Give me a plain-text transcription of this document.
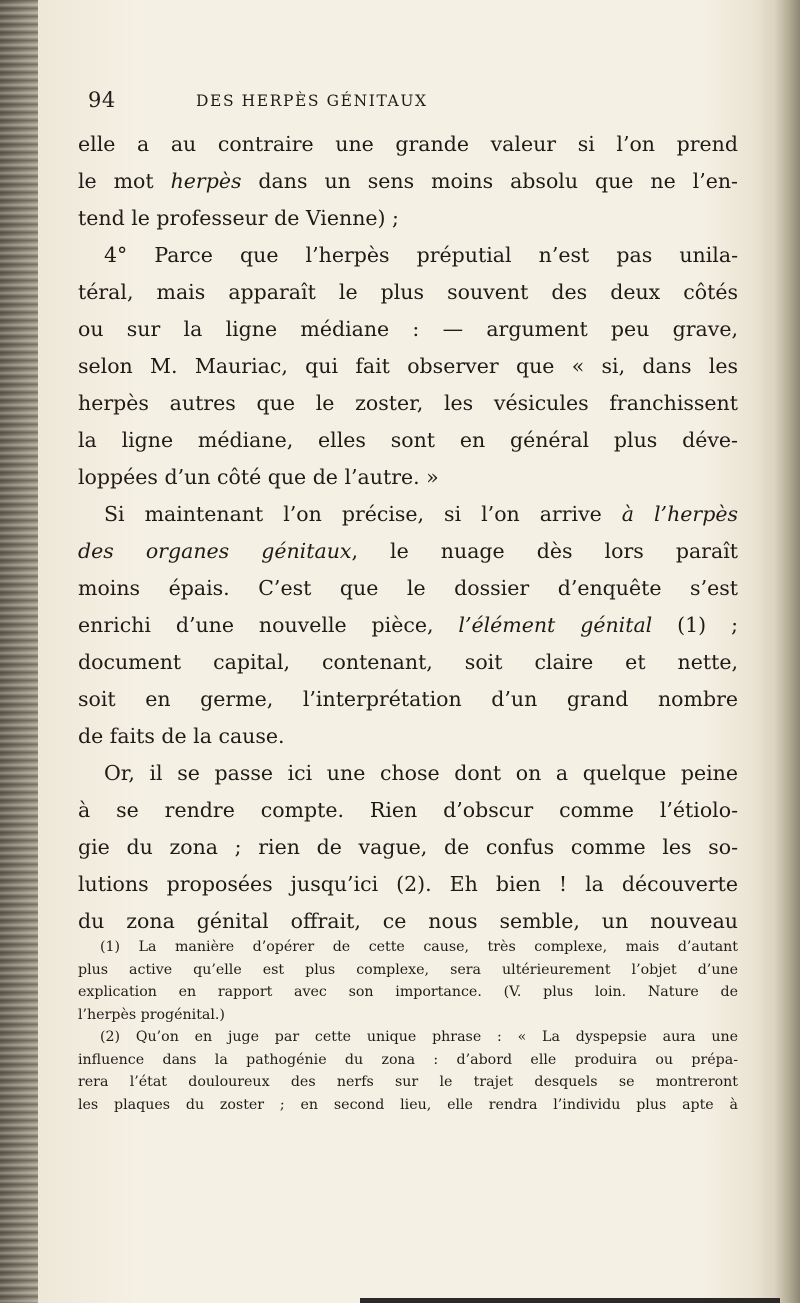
94	DES HERPÈS GÉNITAUX
elle a au contraire une grande valeur si l’on prend
le mot herpès dans un sens moins absolu que ne l’en-
tend le professeur de Vienne) ;
4° Parce que l’herpès préputial n’est pas unila-
téral, mais apparaît le plus souvent des deux côtés
ou sur la ligne médiane : — argument peu grave,
selon M. Mauriac, qui fait observer que « si, dans les
herpès autres que le zoster, les vésicules franchissent
la ligne médiane, elles sont en général plus déve-
loppées d’un côté que de l’autre. »
Si maintenant l’on précise, si l’on arrive à l’herpès
des organes génitaux, le nuage dès lors paraît
moins épais. C’est que le dossier d’enquête s’est
enrichi d’une nouvelle pièce, l’élément génital (1) ;
document capital, contenant, soit claire et nette,
soit en germe, l’interprétation d’un grand nombre
de faits de la cause.
Or, il se passe ici une chose dont on a quelque peine
à se rendre compte. Rien d’obscur comme l’étiolo-
gie du zona ; rien de vague, de confus comme les so-
lutions proposées jusqu’ici (2). Eh bien ! la découverte
du zona génital offrait, ce nous semble, un nouveau
(1) La manière d’opérer de cette cause, très complexe, mais d’autant
plus active qu’elle est plus complexe, sera ultérieurement l’objet d’une
explication en rapport avec son importance. (V. plus loin. Nature de
l’herpès progénital.)
(2) Qu’on en juge par cette unique phrase : « La dyspepsie aura une
influence dans la pathogénie du zona : d’abord elle produira ou prépa-
rera l’état douloureux des nerfs sur le trajet desquels se montreront
les plaques du zoster ; en second lieu, elle rendra l’individu plus apte à
